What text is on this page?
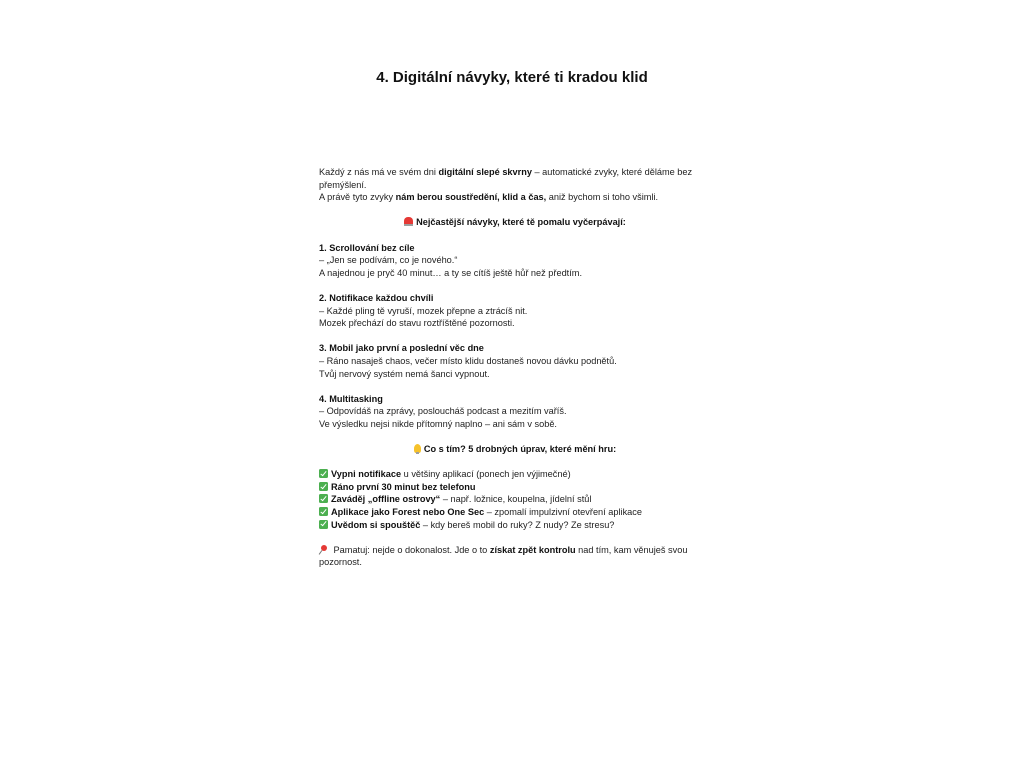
4. Digitální návyky, které ti kradou klid
Každý z nás má ve svém dni digitální slepé skvrny – automatické zvyky, které děláme bez
přemýšlení.
A právě tyto zvyky nám berou soustředění, klid a čas, aniž bychom si toho všimli.
Nejčastější návyky, které tě pomalu vyčerpávají:
1. Scrollování bez cíle
– „Jen se podívám, co je nového.“
A najednou je pryč 40 minut… a ty se cítíš ještě hůř než předtím.
2. Notifikace každou chvíli
– Každé pling tě vyruší, mozek přepne a ztrácíš nit.
Mozek přechází do stavu roztříštěné pozornosti.
3. Mobil jako první a poslední věc dne
– Ráno nasaješ chaos, večer místo klidu dostaneš novou dávku podnětů.
Tvůj nervový systém nemá šanci vypnout.
4. Multitasking
– Odpovídáš na zprávy, posloucháš podcast a mezitím vaříš.
Ve výsledku nejsi nikde přítomný naplno – ani sám v sobě.
Co s tím? 5 drobných úprav, které mění hru:
Vypni notifikace u většiny aplikací (ponech jen výjimečné)
Ráno první 30 minut bez telefonu
Zaváděj „offline ostrovy“ – např. ložnice, koupelna, jídelní stůl
Aplikace jako Forest nebo One Sec – zpomalí impulzivní otevření aplikace
Uvědom si spouštěč – kdy bereš mobil do ruky? Z nudy? Ze stresu?
Pamatuj: nejde o dokonalost. Jde o to získat zpět kontrolu nad tím, kam věnuješ svou
pozornost.
